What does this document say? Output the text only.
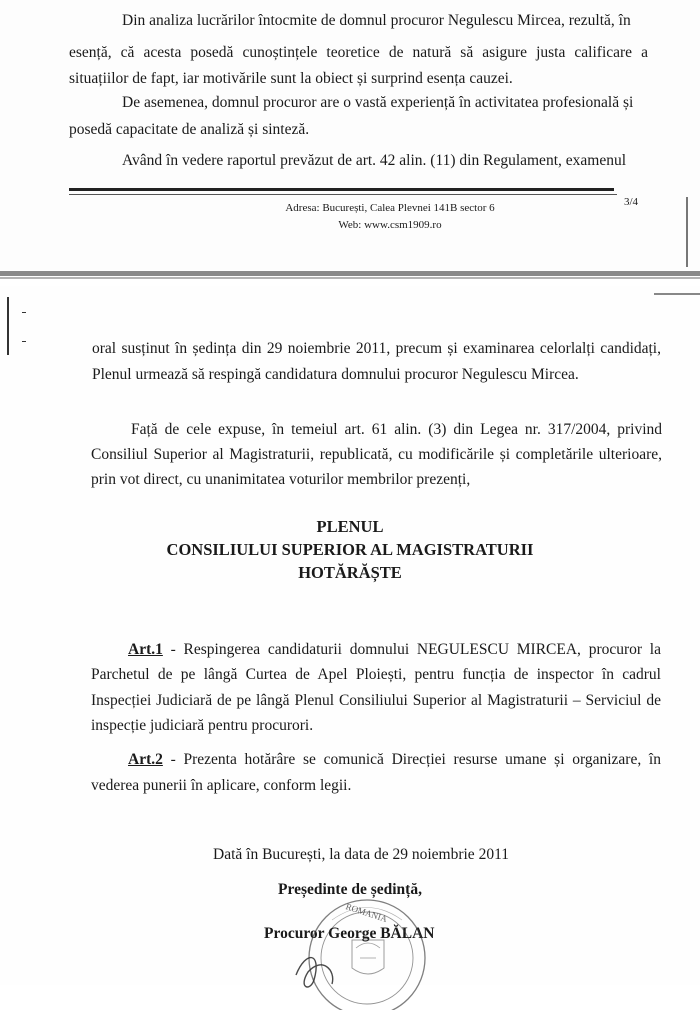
Din analiza lucrărilor întocmite de domnul procuror Negulescu Mircea, rezultă, în

esență, că acesta posedă cunoștințele teoretice de natură să asigure justa calificare a

situațiilor de fapt, iar motivările sunt la obiect și surprind esența cauzei.

De asemenea, domnul procuror are o vastă experiență în activitatea profesională și

posedă capacitate de analiză și sinteză.

Având în vedere raportul prevăzut de art. 42 alin. (11) din Regulament, examenul

Adresa: București, Calea Plevnei 141B sector 6
Web: www.csm1909.ro
3/4

oral susținut în ședința din 29 noiembrie 2011, precum și examinarea celorlalți candidați,

Plenul urmează să respingă candidatura domnului procuror Negulescu Mircea.

Față de cele expuse, în temeiul art. 61 alin. (3) din Legea nr. 317/2004, privind

Consiliul Superior al Magistraturii, republicată, cu modificările și completările ulterioare,

prin vot direct, cu unanimitatea voturilor membrilor prezenți,

PLENUL
CONSILIULUI SUPERIOR AL MAGISTRATURII
HOTĂRĂȘTE

Art.1 - Respingerea candidaturii domnului NEGULESCU MIRCEA, procuror la

Parchetul de pe lângă Curtea de Apel Ploiești, pentru funcția de inspector în cadrul

Inspecției Judiciară de pe lângă Plenul Consiliului Superior al Magistraturii – Serviciul de

inspecție judiciară pentru procurori.

Art.2 - Prezenta hotărâre se comunică Direcției resurse umane și organizare, în

vederea punerii în aplicare, conform legii.

Dată în București, la data de 29 noiembrie 2011

Președinte de ședință,
Procuror George BĂLAN
ROMANIA
